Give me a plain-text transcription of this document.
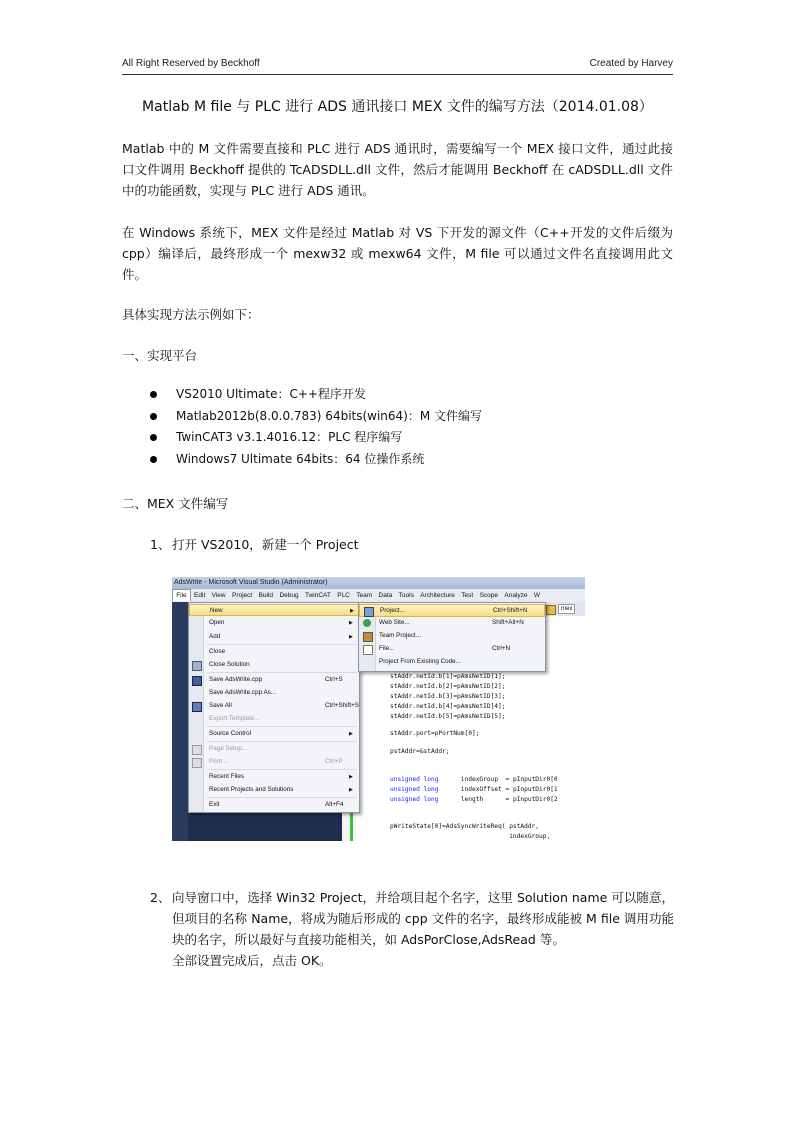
All Right Reserved by Beckhoff	Created by Harvey
Matlab M file 与 PLC 进行 ADS 通讯接口 MEX 文件的编写方法（2014.01.08）
Matlab 中的 M 文件需要直接和 PLC 进行 ADS 通讯时，需要编写一个 MEX 接口文件，通过此接口文件调用 Beckhoff 提供的 TcADSDLL.dll 文件，然后才能调用 Beckhoff 在 cADSDLL.dll 文件中的功能函数，实现与 PLC 进行 ADS 通讯。
在 Windows 系统下，MEX 文件是经过 Matlab 对 VS 下开发的源文件（C++开发的文件后缀为 cpp）编译后，最终形成一个 mexw32 或 mexw64 文件，M file 可以通过文件名直接调用此文件。
具体实现方法示例如下：
一、实现平台
VS2010 Ultimate：C++程序开发
Matlab2012b(8.0.0.783) 64bits(win64)：M 文件编写
TwinCAT3 v3.1.4016.12：PLC 程序编写
Windows7 Ultimate 64bits：64 位操作系统
二、MEX 文件编写
1、 打开 VS2010，新建一个 Project
AdsWrite - Microsoft Visual Studio (Administrator)
File Edit View Project Build Debug TwinCAT PLC Team Data Tools Architecture Test Scope Analyze W
mex
stAddr.netId.b[1]=pAmsNetID[1];
stAddr.netId.b[2]=pAmsNetID[2];
stAddr.netId.b[3]=pAmsNetID[3];
stAddr.netId.b[4]=pAmsNetID[4];
stAddr.netId.b[5]=pAmsNetID[5];
stAddr.port=pPortNum[0];
pstAddr=&stAddr;
unsigned long      indexGroup  = pInputDir0[0
unsigned long      indexOffset = pInputDir0[1
unsigned long      length      = pInputDir0[2
pWriteState[0]=AdsSyncWriteReq( pstAddr,
indexGroup,
New	▶
Open	▶
Add	▶
Close
Close Solution
Save AdsWrite.cpp	Ctrl+S
Save AdsWrite.cpp As...
Save All	Ctrl+Shift+S
Export Template...
Source Control	▶
Page Setup...
Print...	Ctrl+P
Recent Files	▶
Recent Projects and Solutions	▶
Exit	Alt+F4
Project...	Ctrl+Shift+N
Web Site...	Shift+Alt+N
Team Project...
File...	Ctrl+N
Project From Existing Code...
2、 向导窗口中，选择 Win32 Project，并给项目起个名字，这里 Solution name 可以随意，但项目的名称 Name，将成为随后形成的 cpp 文件的名字，最终形成能被 M file 调用功能块的名字，所以最好与直接功能相关，如 AdsPorClose,AdsRead 等。
全部设置完成后，点击 OK。
